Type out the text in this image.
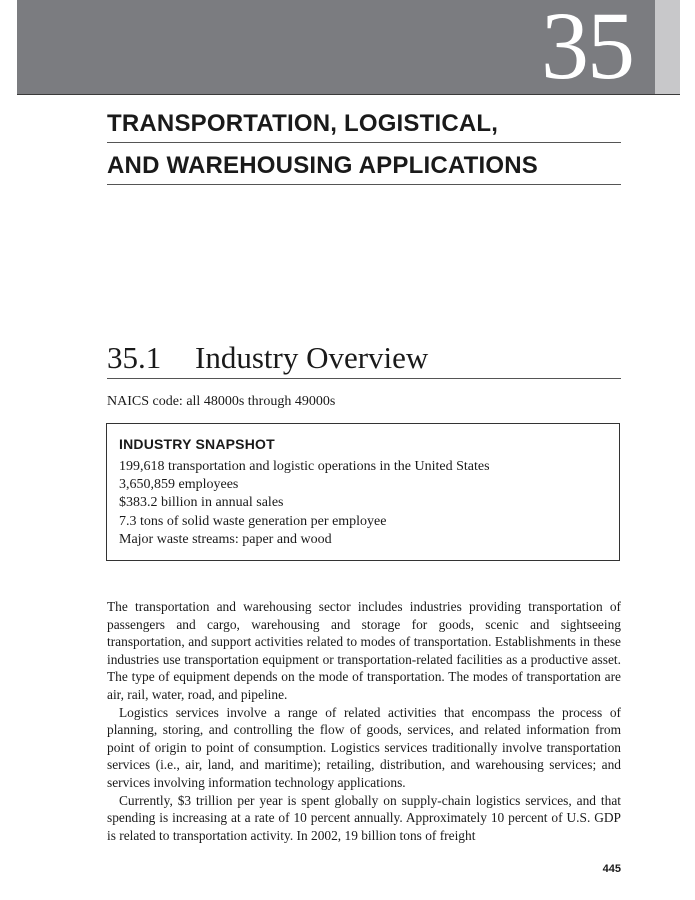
35
TRANSPORTATION, LOGISTICAL,
AND WAREHOUSING APPLICATIONS
35.1 Industry Overview
NAICS code: all 48000s through 49000s
INDUSTRY SNAPSHOT
199,618 transportation and logistic operations in the United States
3,650,859 employees
$383.2 billion in annual sales
7.3 tons of solid waste generation per employee
Major waste streams: paper and wood

The transportation and warehousing sector includes industries providing transportation of passengers and cargo, warehousing and storage for goods, scenic and sightseeing transportation, and support activities related to modes of transportation. Establishments in these industries use transportation equipment or transportation-related facilities as a productive asset. The type of equipment depends on the mode of transportation. The modes of transportation are air, rail, water, road, and pipeline.

Logistics services involve a range of related activities that encompass the process of planning, storing, and controlling the flow of goods, services, and related information from point of origin to point of consumption. Logistics services traditionally involve transportation services (i.e., air, land, and maritime); retailing, distribution, and warehousing services; and services involving information technology applications.

Currently, $3 trillion per year is spent globally on supply-chain logistics services, and that spending is increasing at a rate of 10 percent annually. Approximately 10 percent of U.S. GDP is related to transportation activity. In 2002, 19 billion tons of freight

445
